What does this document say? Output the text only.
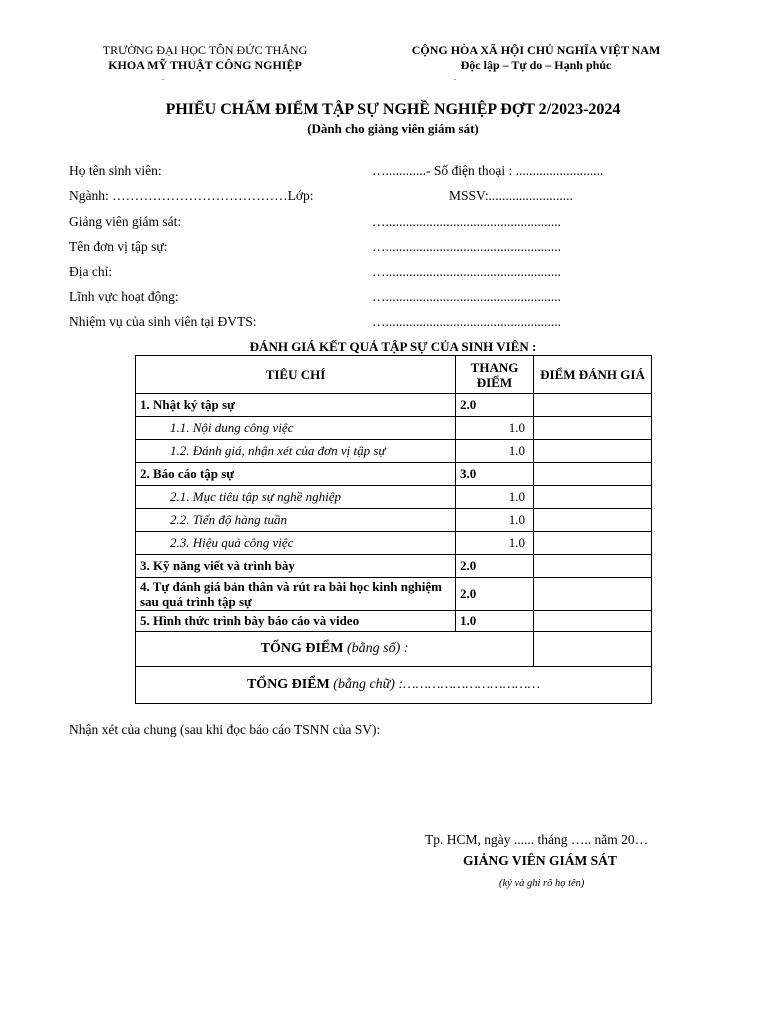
TRƯỜNG ĐẠI HỌC TÔN ĐỨC THẮNG
KHOA MỸ THUẬT CÔNG NGHIỆP
.
CỘNG HÒA XÃ HỘI CHỦ NGHĨA VIỆT NAM
Độc lập – Tự do – Hạnh phúc
.
PHIẾU CHẤM ĐIỂM TẬP SỰ NGHỀ NGHIỆP ĐỢT 2/2023-2024
(Dành cho giảng viên giám sát)
Họ tên sinh viên:	…............- Số điện thoại : ..........................
Ngành: …………………………………Lớp:	MSSV:.........................
Giảng viên giám sát:	…....................................................
Tên đơn vị tập sự:	…....................................................
Địa chỉ:	…....................................................
Lĩnh vực hoạt động:	…....................................................
Nhiệm vụ của sinh viên tại ĐVTS:	…....................................................
ĐÁNH GIÁ KẾT QUẢ TẬP SỰ CỦA SINH VIÊN :
TIÊU CHÍ	THANG ĐIỂM	ĐIỂM ĐÁNH GIÁ
1. Nhật ký tập sự	2.0	
1.1. Nội dung công việc	1.0	
1.2. Đánh giá, nhận xét của đơn vị tập sự	1.0	
2. Báo cáo tập sự	3.0	
2.1. Mục tiêu tập sự nghề nghiệp	1.0	
2.2. Tiến độ hàng tuần	1.0	
2.3. Hiệu quả công việc	1.0	
3. Kỹ năng viết và trình bày	2.0	
4. Tự đánh giá bản thân và rút ra bài học kinh nghiệm sau quá trình tập sự	2.0	
5. Hình thức trình bày báo cáo và video	1.0	
TỔNG ĐIỂM (bằng số) :		
TỔNG ĐIỂM (bằng chữ) :……………………………		
Nhận xét của chung (sau khi đọc báo cáo TSNN của SV):
Tp. HCM, ngày ...... tháng ….. năm 20…
GIẢNG VIÊN GIÁM SÁT
(ký và ghi rõ họ tên)
